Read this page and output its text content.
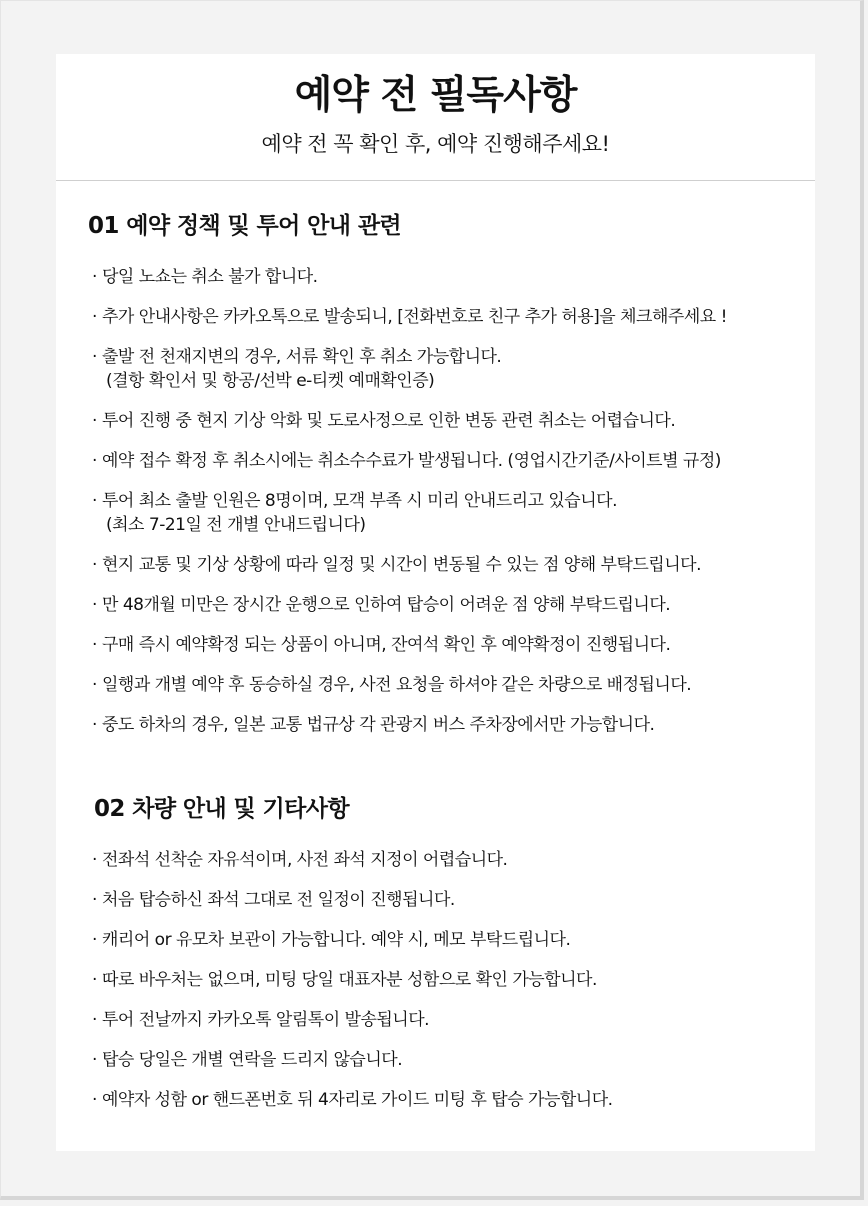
예약 전 필독사항

예약 전 꼭 확인 후, 예약 진행해주세요!

01 예약 정책 및 투어 안내 관련
· 당일 노쇼는 취소 불가 합니다.
· 추가 안내사항은 카카오톡으로 발송되니, [전화번호로 친구 추가 허용]을 체크해주세요 !
· 출발 전 천재지변의 경우, 서류 확인 후 취소 가능합니다.
(결항 확인서 및 항공/선박 e-티켓 예매확인증)
· 투어 진행 중 현지 기상 악화 및 도로사정으로 인한 변동 관련 취소는 어렵습니다.
· 예약 접수 확정 후 취소시에는 취소수수료가 발생됩니다. (영업시간기준/사이트별 규정)
· 투어 최소 출발 인원은 8명이며, 모객 부족 시 미리 안내드리고 있습니다.
(최소 7-21일 전 개별 안내드립니다)
· 현지 교통 및 기상 상황에 따라 일정 및 시간이 변동될 수 있는 점 양해 부탁드립니다.
· 만 48개월 미만은 장시간 운행으로 인하여 탑승이 어려운 점 양해 부탁드립니다.
· 구매 즉시 예약확정 되는 상품이 아니며, 잔여석 확인 후 예약확정이 진행됩니다.
· 일행과 개별 예약 후 동승하실 경우, 사전 요청을 하셔야 같은 차량으로 배정됩니다.
· 중도 하차의 경우, 일본 교통 법규상 각 관광지 버스 주차장에서만 가능합니다.
02 차량 안내 및 기타사항
· 전좌석 선착순 자유석이며, 사전 좌석 지정이 어렵습니다.
· 처음 탑승하신 좌석 그대로 전 일정이 진행됩니다.
· 캐리어 or 유모차 보관이 가능합니다. 예약 시, 메모 부탁드립니다.
· 따로 바우처는 없으며, 미팅 당일 대표자분 성함으로 확인 가능합니다.
· 투어 전날까지 카카오톡 알림톡이 발송됩니다.
· 탑승 당일은 개별 연락을 드리지 않습니다.
· 예약자 성함 or 핸드폰번호 뒤 4자리로 가이드 미팅 후 탑승 가능합니다.
